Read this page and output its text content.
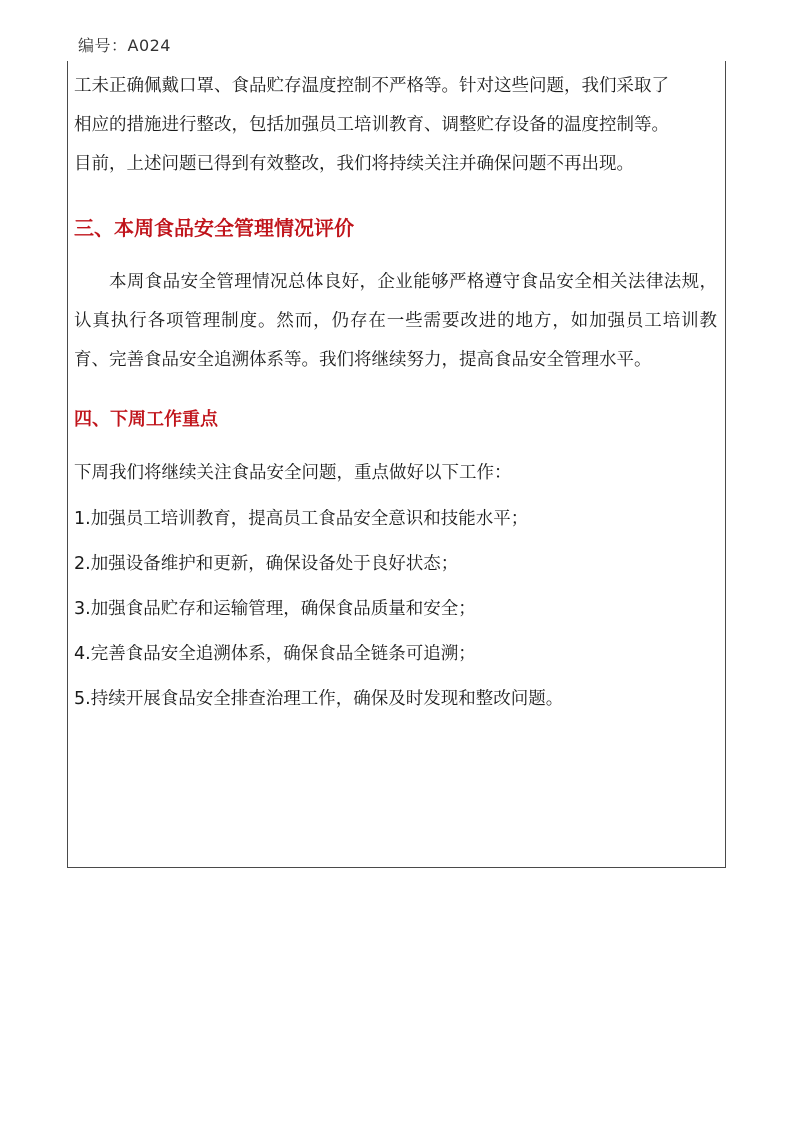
编号：A024

工未正确佩戴口罩、食品贮存温度控制不严格等。针对这些问题，我们采取了

相应的措施进行整改，包括加强员工培训教育、调整贮存设备的温度控制等。

目前，上述问题已得到有效整改，我们将持续关注并确保问题不再出现。

三、本周食品安全管理情况评价

本周食品安全管理情况总体良好，企业能够严格遵守食品安全相关法律法规，认真执行各项管理制度。然而，仍存在一些需要改进的地方，如加强员工培训教育、完善食品安全追溯体系等。我们将继续努力，提高食品安全管理水平。

四、下周工作重点

下周我们将继续关注食品安全问题，重点做好以下工作：

1.加强员工培训教育，提高员工食品安全意识和技能水平；

2.加强设备维护和更新，确保设备处于良好状态；

3.加强食品贮存和运输管理，确保食品质量和安全；

4.完善食品安全追溯体系，确保食品全链条可追溯；

5.持续开展食品安全排查治理工作，确保及时发现和整改问题。
